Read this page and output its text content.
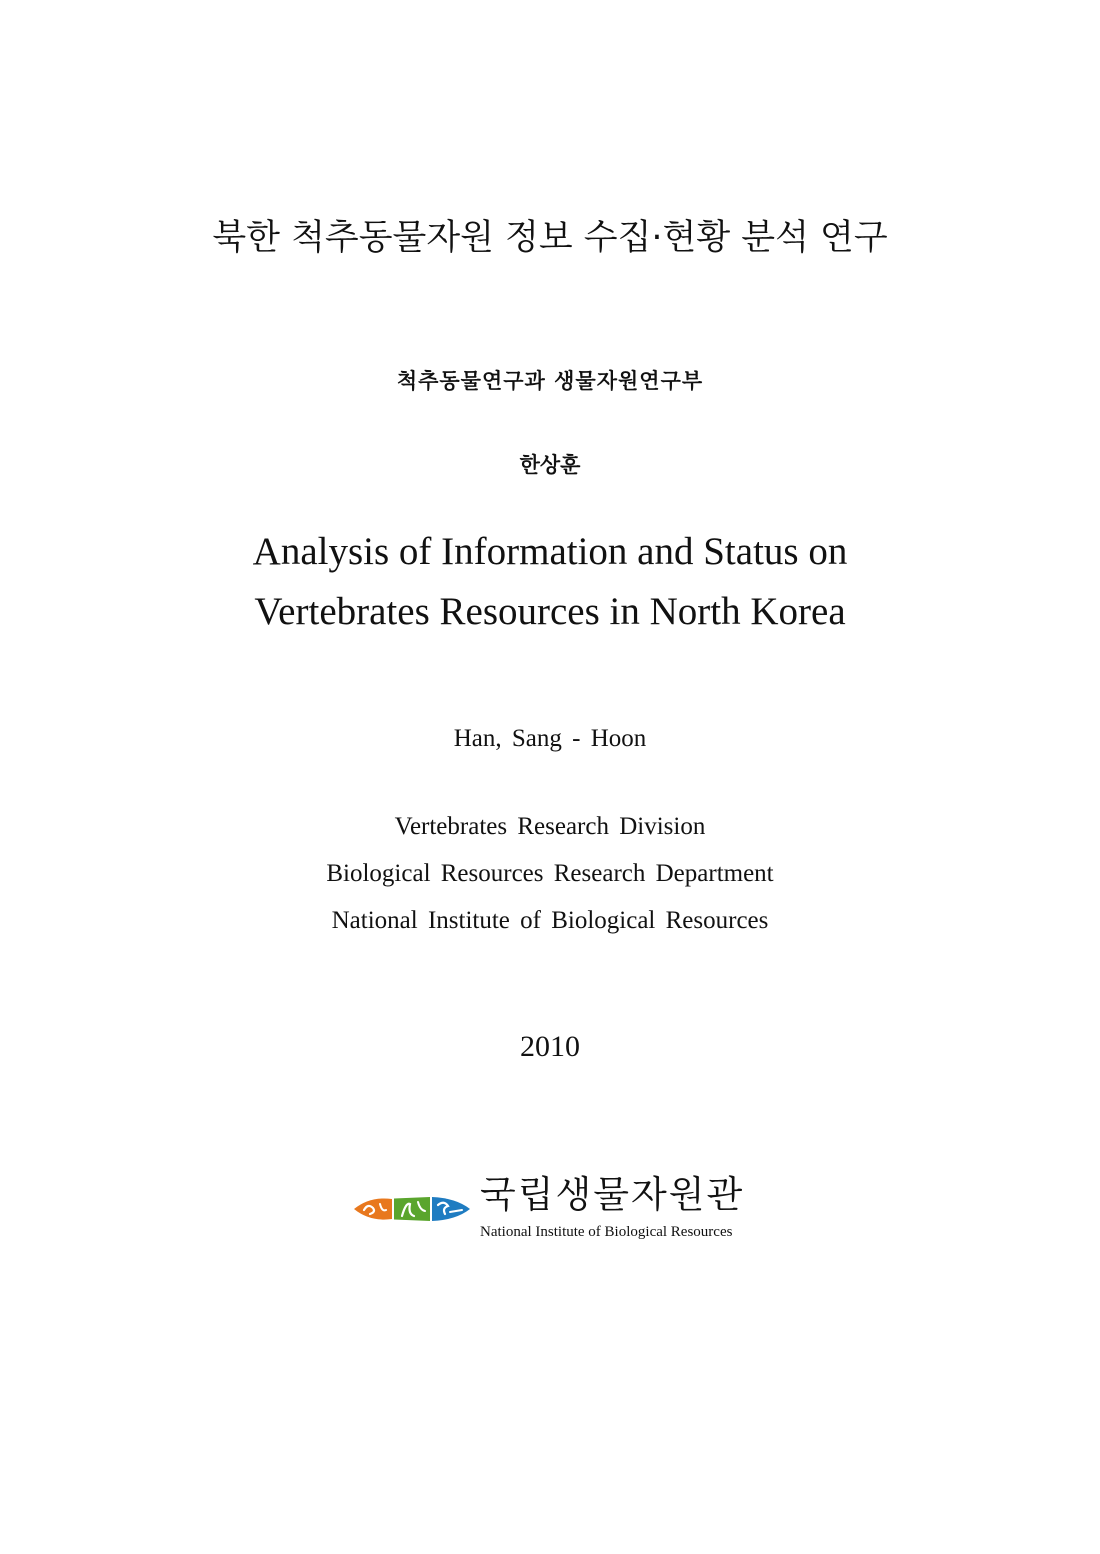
북한 척추동물자원 정보 수집·현황 분석 연구
척추동물연구과 생물자원연구부
한상훈
Analysis of Information and Status on
Vertebrates Resources in North Korea
Han, Sang - Hoon
Vertebrates Research Division
Biological Resources Research Department
National Institute of Biological Resources
2010
국립생물자원관
National Institute of Biological Resources
